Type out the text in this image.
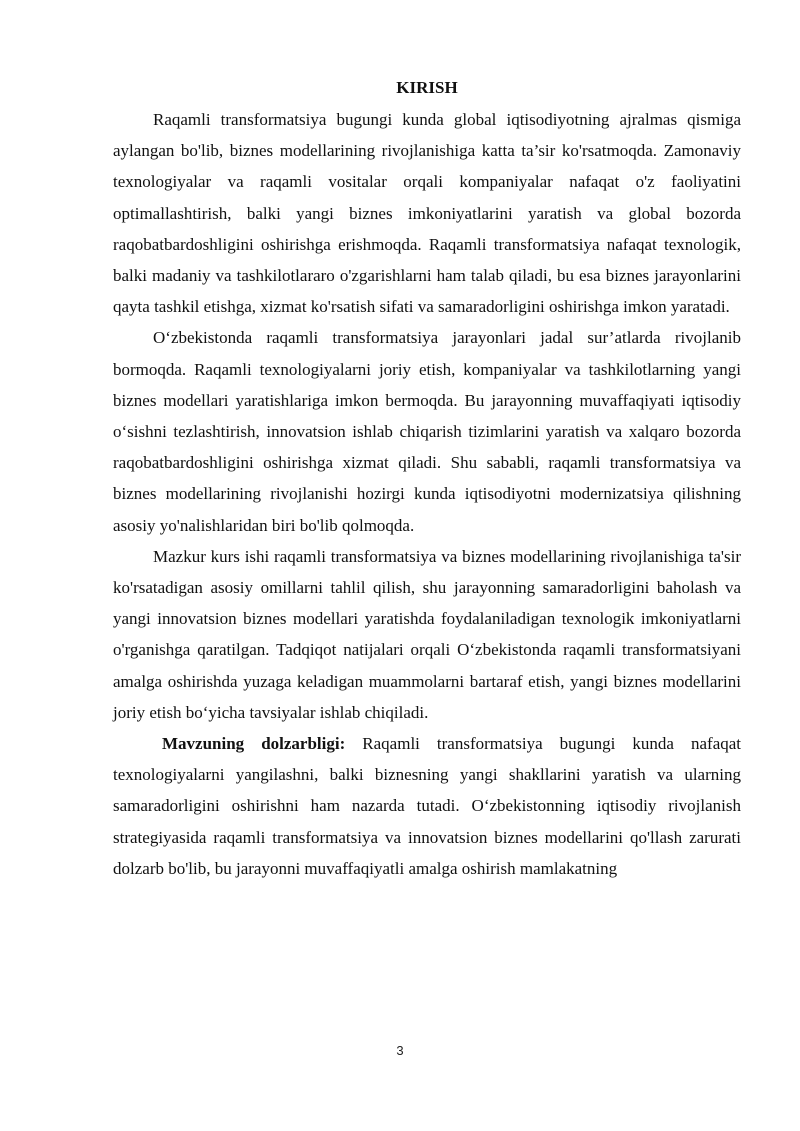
KIRISH

Raqamli transformatsiya bugungi kunda global iqtisodiyotning ajralmas qismiga aylangan bo'lib, biznes modellarining rivojlanishiga katta ta’sir ko'rsatmoqda. Zamonaviy texnologiyalar va raqamli vositalar orqali kompaniyalar nafaqat o'z faoliyatini optimallashtirish, balki yangi biznes imkoniyatlarini yaratish va global bozorda raqobatbardoshligini oshirishga erishmoqda. Raqamli transformatsiya nafaqat texnologik, balki madaniy va tashkilotlararo o'zgarishlarni ham talab qiladi, bu esa biznes jarayonlarini qayta tashkil etishga, xizmat ko'rsatish sifati va samaradorligini oshirishga imkon yaratadi.

O‘zbekistonda raqamli transformatsiya jarayonlari jadal sur’atlarda rivojlanib bormoqda. Raqamli texnologiyalarni joriy etish, kompaniyalar va tashkilotlarning yangi biznes modellari yaratishlariga imkon bermoqda. Bu jarayonning muvaffaqiyati iqtisodiy o‘sishni tezlashtirish, innovatsion ishlab chiqarish tizimlarini yaratish va xalqaro bozorda raqobatbardoshligini oshirishga xizmat qiladi. Shu sababli, raqamli transformatsiya va biznes modellarining rivojlanishi hozirgi kunda iqtisodiyotni modernizatsiya qilishning asosiy yo'nalishlaridan biri bo'lib qolmoqda.

Mazkur kurs ishi raqamli transformatsiya va biznes modellarining rivojlanishiga ta'sir ko'rsatadigan asosiy omillarni tahlil qilish, shu jarayonning samaradorligini baholash va yangi innovatsion biznes modellari yaratishda foydalaniladigan texnologik imkoniyatlarni o'rganishga qaratilgan. Tadqiqot natijalari orqali O‘zbekistonda raqamli transformatsiyani amalga oshirishda yuzaga keladigan muammolarni bartaraf etish, yangi biznes modellarini joriy etish bo‘yicha tavsiyalar ishlab chiqiladi.

Mavzuning dolzarbligi: Raqamli transformatsiya bugungi kunda nafaqat texnologiyalarni yangilashni, balki biznesning yangi shakllarini yaratish va ularning samaradorligini oshirishni ham nazarda tutadi. O‘zbekistonning iqtisodiy rivojlanish strategiyasida raqamli transformatsiya va innovatsion biznes modellarini qo'llash zarurati dolzarb bo'lib, bu jarayonni muvaffaqiyatli amalga oshirish mamlakatning

3
